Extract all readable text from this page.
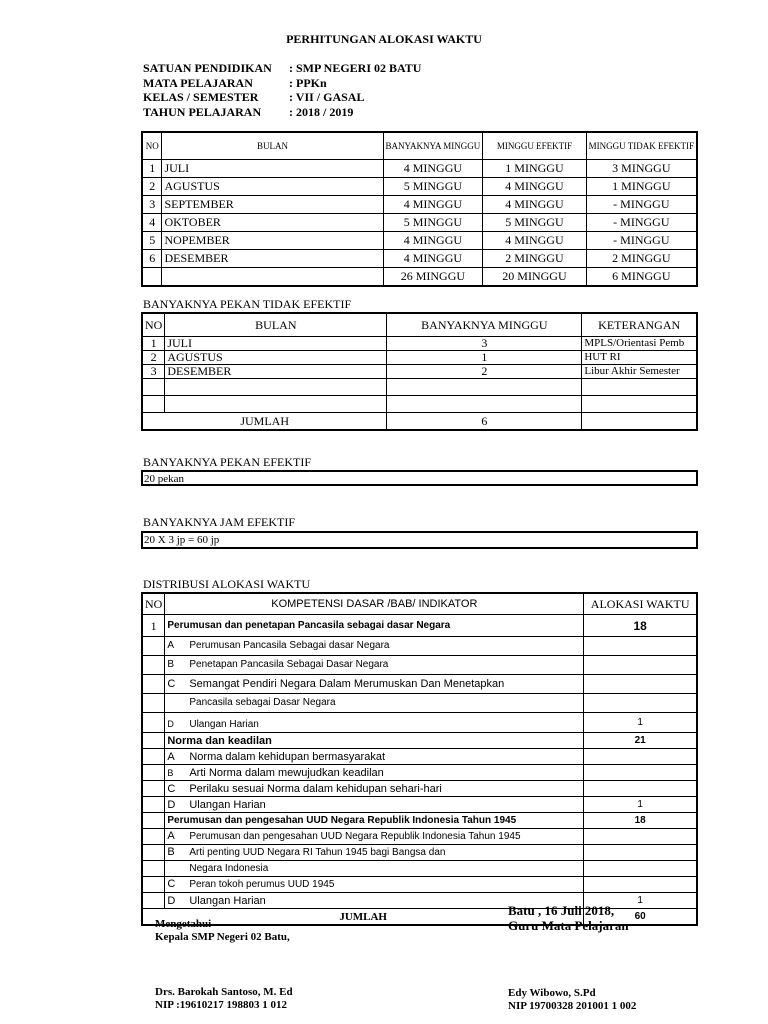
PERHITUNGAN ALOKASI WAKTU
SATUAN PENDIDIKAN	: SMP NEGERI 02 BATU
MATA PELAJARAN	: PPKn
KELAS / SEMESTER	: VII / GASAL
TAHUN PELAJARAN	: 2018 / 2019
NO	BULAN	BANYAKNYA MINGGU	MINGGU EFEKTIF	MINGGU TIDAK EFEKTIF
1	JULI	4 MINGGU	1 MINGGU	3 MINGGU
2	AGUSTUS	5 MINGGU	4 MINGGU	1 MINGGU
3	SEPTEMBER	4 MINGGU	4 MINGGU	- MINGGU
4	OKTOBER	5 MINGGU	5 MINGGU	- MINGGU
5	NOPEMBER	4 MINGGU	4 MINGGU	- MINGGU
6	DESEMBER	4 MINGGU	2 MINGGU	2 MINGGU
		26 MINGGU	20 MINGGU	6 MINGGU
BANYAKNYA PEKAN TIDAK EFEKTIF
NO	BULAN	BANYAKNYA MINGGU	KETERANGAN
1	JULI	3	MPLS/Orientasi Pemb
2	AGUSTUS	1	HUT RI
3	DESEMBER	2	Libur Akhir Semester

JUMLAH		6	
BANYAKNYA PEKAN EFEKTIF
20 pekan
BANYAKNYA JAM EFEKTIF
20 X 3 jp = 60 jp
DISTRIBUSI ALOKASI WAKTU
NO	KOMPETENSI DASAR /BAB/ INDIKATOR	ALOKASI WAKTU
1	Perumusan dan penetapan Pancasila sebagai dasar Negara	18
	A Perumusan Pancasila Sebagai dasar Negara	
	B Penetapan Pancasila Sebagai Dasar Negara	
	C Semangat Pendiri Negara Dalam Merumuskan Dan Menetapkan	
	Pancasila sebagai Dasar Negara	
	D Ulangan Harian	1
	Norma dan keadilan	21
	A Norma dalam kehidupan bermasyarakat	
	B Arti Norma dalam mewujudkan keadilan	
	C Perilaku sesuai Norma dalam kehidupan sehari-hari	
	D Ulangan Harian	1
	Perumusan dan pengesahan UUD Negara Republik Indonesia Tahun 1945	18
	A Perumusan dan pengesahan UUD Negara Republik Indonesia Tahun 1945	
	B Arti penting UUD Negara RI Tahun 1945 bagi Bangsa dan	
	Negara Indonesia	
	C Peran tokoh perumus UUD 1945	
	D Ulangan Harian	1
JUMLAH		60
Batu , 16 Juli 2018,
Guru Mata Pelajaran
Mengetahui
Kepala SMP Negeri 02 Batu,
Drs. Barokah Santoso, M. Ed
NIP :19610217 198803 1 012
Edy Wibowo, S.Pd
NIP 19700328 201001 1 002
